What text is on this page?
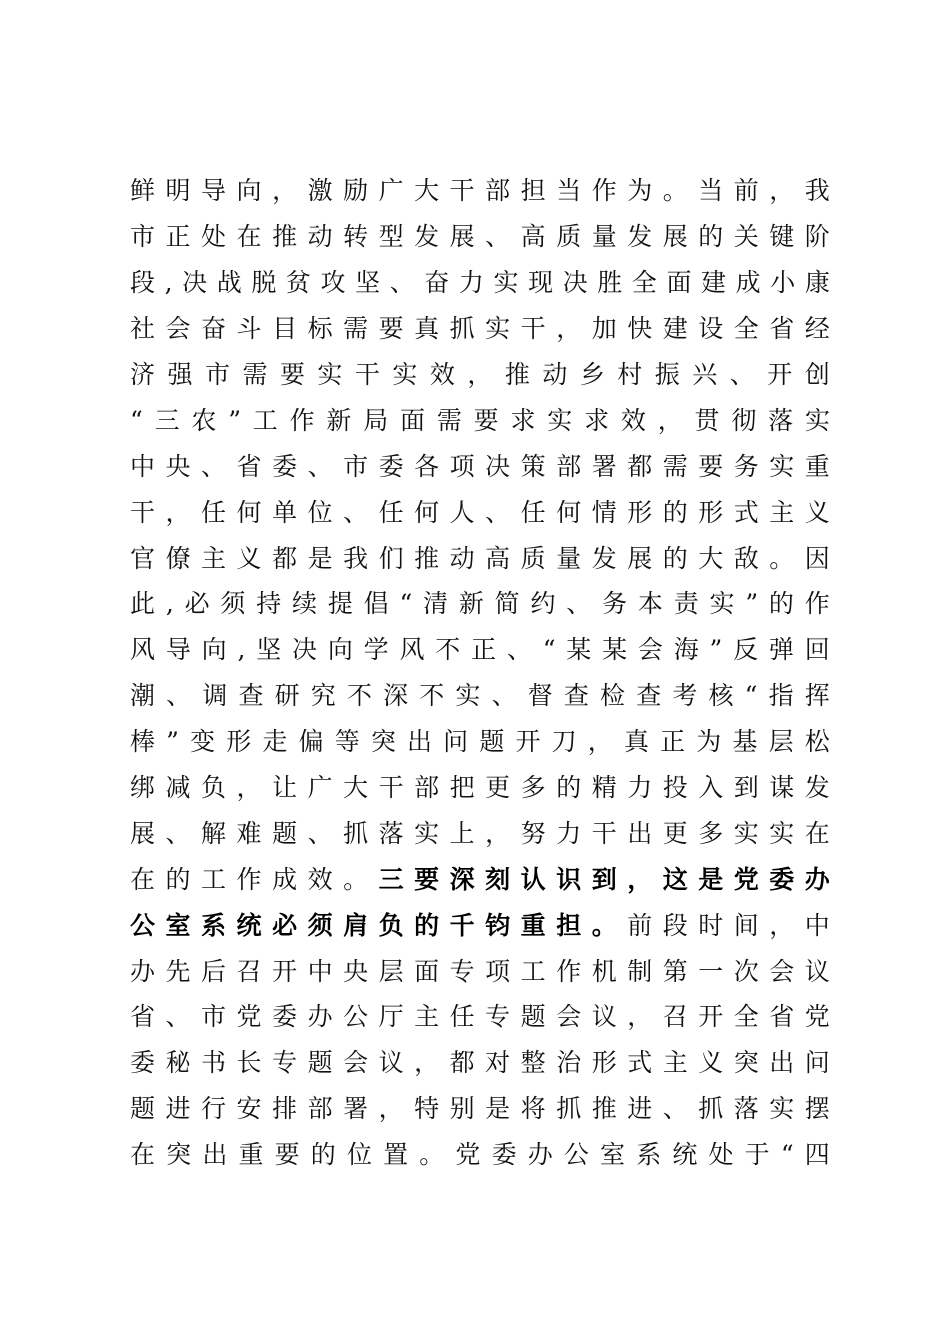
鲜 明 导 向 ， 激 励 广 大 干 部 担 当 作 为 。 当 前 ， 我
市 正 处 在 推 动 转 型 发 展 、 高 质 量 发 展 的 关 键 阶
段 , 决 战 脱 贫 攻 坚 、 奋 力 实 现 决 胜 全 面 建 成 小 康
社 会 奋 斗 目 标 需 要 真 抓 实 干 ， 加 快 建 设 全 省 经
济 强 市 需 要 实 干 实 效 ， 推 动 乡 村 振 兴 、 开 创
“ 三 农 ” 工 作 新 局 面 需 要 求 实 求 效 ， 贯 彻 落 实
中 央 、 省 委 、 市 委 各 项 决 策 部 署 都 需 要 务 实 重
干 ， 任 何 单 位 、 任 何 人 、 任 何 情 形 的 形 式 主 义
官 僚 主 义 都 是 我 们 推 动 高 质 量 发 展 的 大 敌 。 因
此 , 必 须 持 续 提 倡 “ 清 新 简 约 、 务 本 责 实 ” 的 作
风 导 向 , 坚 决 向 学 风 不 正 、 “ 某 某 会 海 ” 反 弹 回
潮 、 调 查 研 究 不 深 不 实 、 督 查 检 查 考 核 “ 指 挥
棒 ” 变 形 走 偏 等 突 出 问 题 开 刀 ， 真 正 为 基 层 松
绑 减 负 ， 让 广 大 干 部 把 更 多 的 精 力 投 入 到 谋 发
展 、 解 难 题 、 抓 落 实 上 ， 努 力 干 出 更 多 实 实 在
在 的 工 作 成 效 。 三 要 深 刻 认 识 到 ， 这 是 党 委 办
公 室 系 统 必 须 肩 负 的 千 钧 重 担 。 前 段 时 间 ， 中
办 先 后 召 开 中 央 层 面 专 项 工 作 机 制 第 一 次 会 议
省 、 市 党 委 办 公 厅 主 任 专 题 会 议 ， 召 开 全 省 党
委 秘 书 长 专 题 会 议 ， 都 对 整 治 形 式 主 义 突 出 问
题 进 行 安 排 部 署 ， 特 别 是 将 抓 推 进 、 抓 落 实 摆
在 突 出 重 要 的 位 置 。 党 委 办 公 室 系 统 处 于 “ 四
